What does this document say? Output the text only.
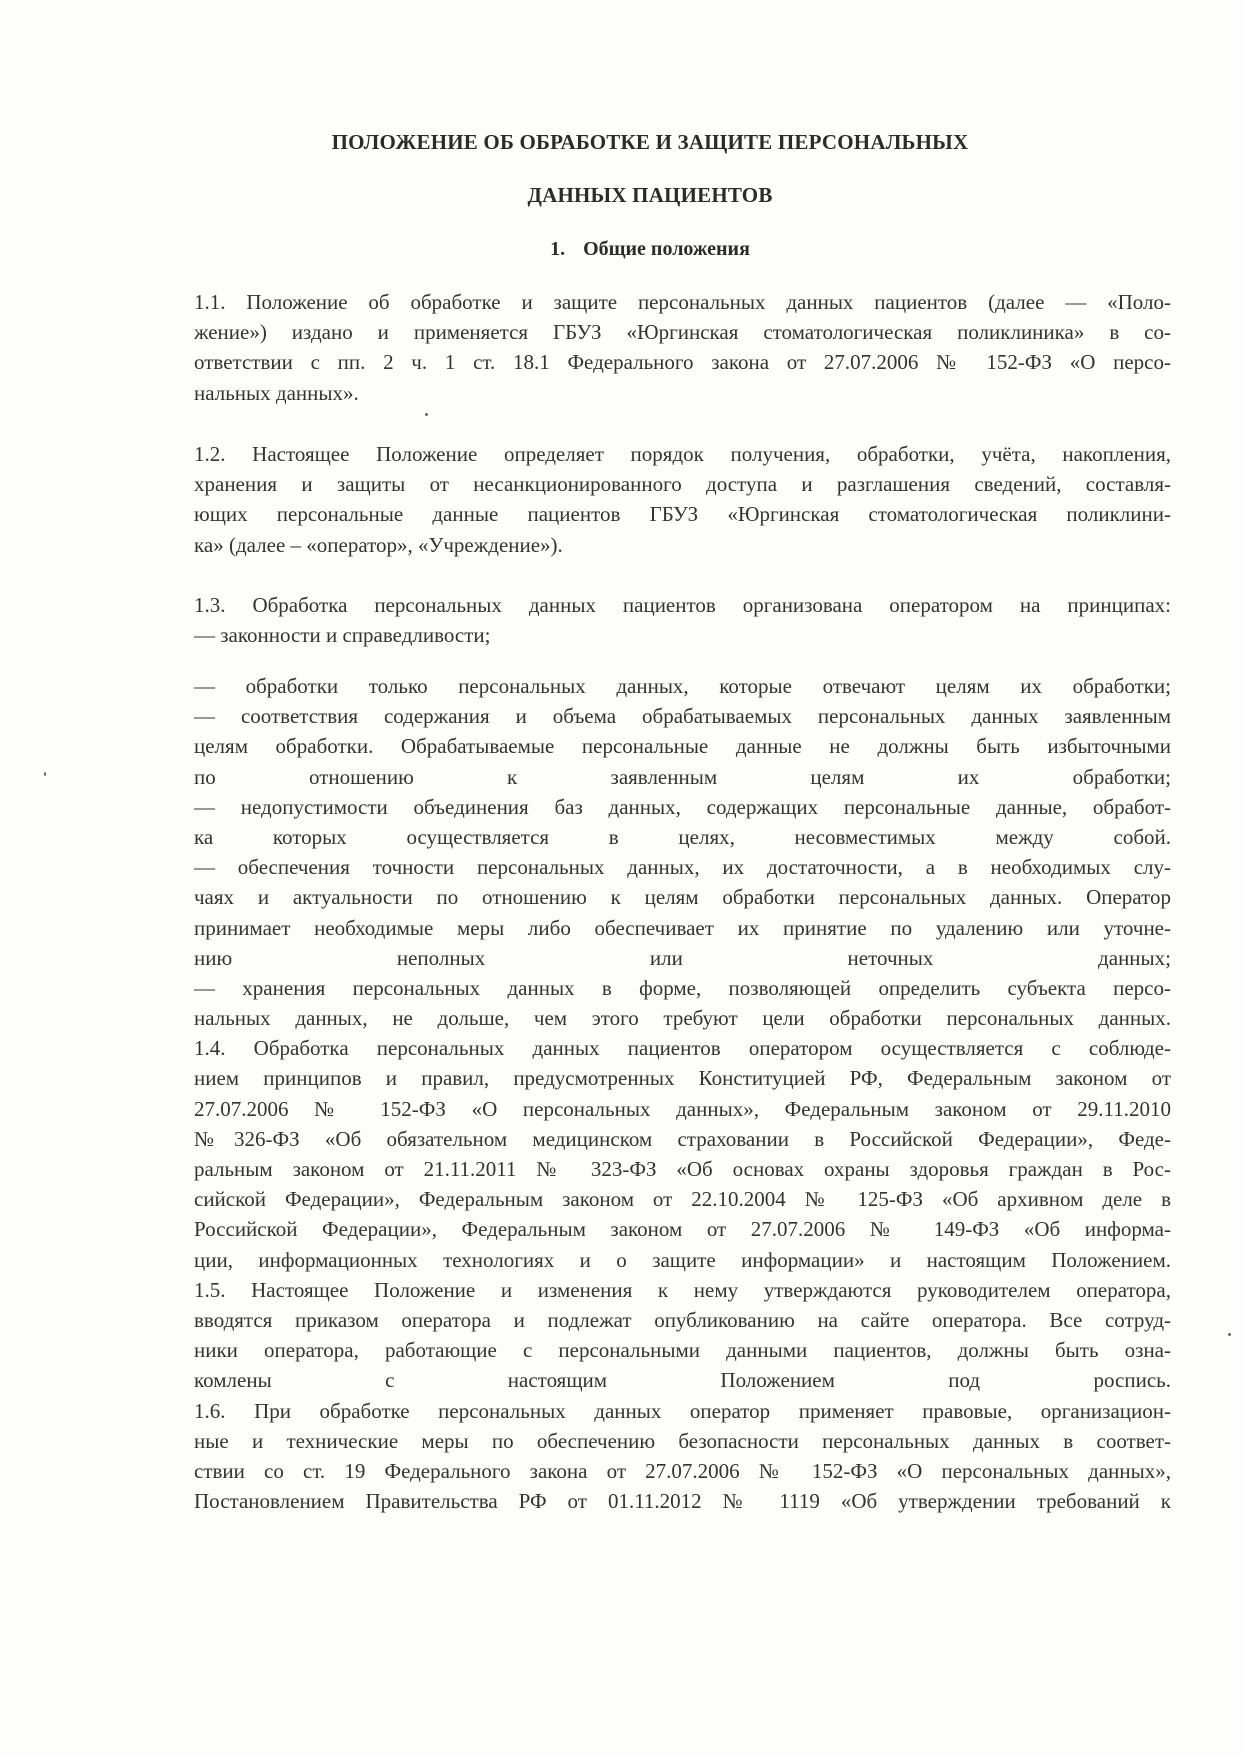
ПОЛОЖЕНИЕ ОБ ОБРАБОТКЕ И ЗАЩИТЕ ПЕРСОНАЛЬНЫХ
ДАННЫХ ПАЦИЕНТОВ
1. Общие положения
1.1. Положение об обработке и защите персональных данных пациентов (далее — «Поло-
жение») издано и применяется ГБУЗ «Юргинская стоматологическая поликлиника» в со-
ответствии с пп. 2 ч. 1 ст. 18.1 Федерального закона от 27.07.2006 № 152-ФЗ «О персо-
нальных данных».
1.2. Настоящее Положение определяет порядок получения, обработки, учёта, накопления,
хранения и защиты от несанкционированного доступа и разглашения сведений, составля-
ющих персональные данные пациентов ГБУЗ «Юргинская стоматологическая поликлини-
ка» (далее – «оператор», «Учреждение»).
1.3. Обработка персональных данных пациентов организована оператором на принципах:
— законности и справедливости;
— обработки только персональных данных, которые отвечают целям их обработки;
— соответствия содержания и объема обрабатываемых персональных данных заявленным
целям обработки. Обрабатываемые персональные данные не должны быть избыточными
по отношению к заявленным целям их обработки;
— недопустимости объединения баз данных, содержащих персональные данные, обработ-
ка которых осуществляется в целях, несовместимых между собой.
— обеспечения точности персональных данных, их достаточности, а в необходимых слу-
чаях и актуальности по отношению к целям обработки персональных данных. Оператор
принимает необходимые меры либо обеспечивает их принятие по удалению или уточне-
нию неполных или неточных данных;
— хранения персональных данных в форме, позволяющей определить субъекта персо-
нальных данных, не дольше, чем этого требуют цели обработки персональных данных.
1.4. Обработка персональных данных пациентов оператором осуществляется с соблюде-
нием принципов и правил, предусмотренных Конституцией РФ, Федеральным законом от
27.07.2006 № 152-ФЗ «О персональных данных», Федеральным законом от 29.11.2010
№326-ФЗ «Об обязательном медицинском страховании в Российской Федерации», Феде-
ральным законом от 21.11.2011 № 323-ФЗ «Об основах охраны здоровья граждан в Рос-
сийской Федерации», Федеральным законом от 22.10.2004 № 125-ФЗ «Об архивном деле в
Российской Федерации», Федеральным законом от 27.07.2006 № 149-ФЗ «Об информа-
ции, информационных технологиях и о защите информации» и настоящим Положением.
1.5. Настоящее Положение и изменения к нему утверждаются руководителем оператора,
вводятся приказом оператора и подлежат опубликованию на сайте оператора. Все сотруд-
ники оператора, работающие с персональными данными пациентов, должны быть озна-
комлены с настоящим Положением под роспись.
1.6. При обработке персональных данных оператор применяет правовые, организацион-
ные и технические меры по обеспечению безопасности персональных данных в соответ-
ствии со ст. 19 Федерального закона от 27.07.2006 № 152-ФЗ «О персональных данных»,
Постановлением Правительства РФ от 01.11.2012 № 1119 «Об утверждении требований к
